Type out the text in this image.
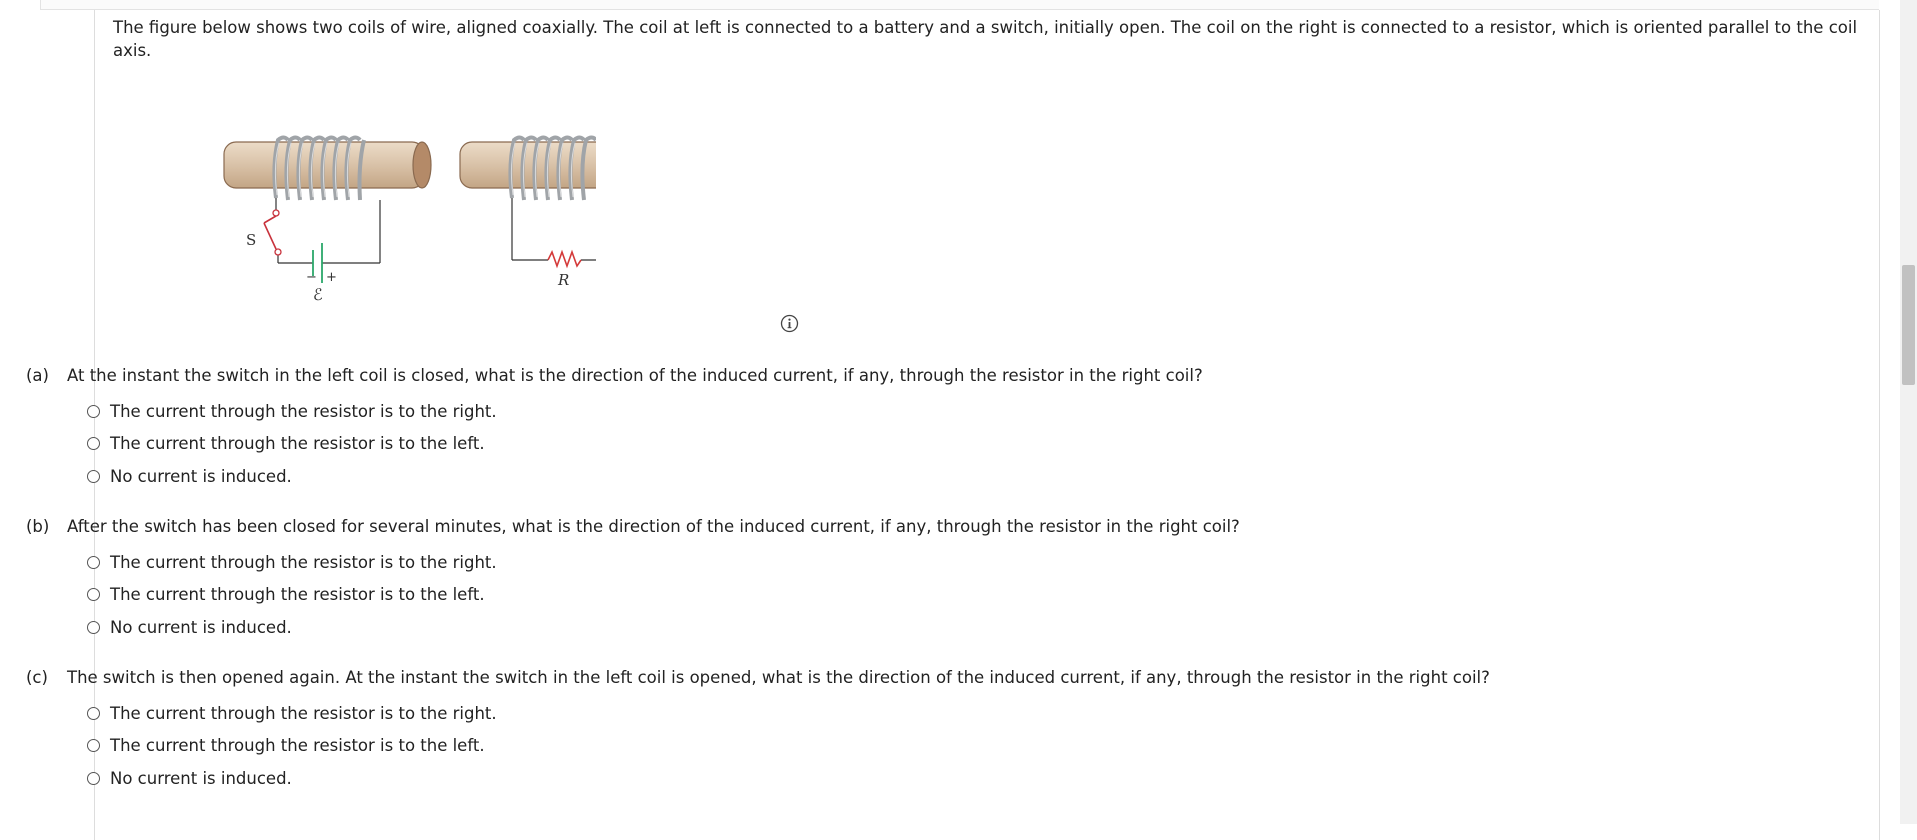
The figure below shows two coils of wire, aligned coaxially. The coil at left is connected to a battery and a switch, initially open. The coil on the right is connected to a resistor, which is oriented parallel to the coil axis.
S
− +
ℰ
R
(a) At the instant the switch in the left coil is closed, what is the direction of the induced current, if any, through the resistor in the right coil?
The current through the resistor is to the right.
The current through the resistor is to the left.
No current is induced.
(b) After the switch has been closed for several minutes, what is the direction of the induced current, if any, through the resistor in the right coil?
The current through the resistor is to the right.
The current through the resistor is to the left.
No current is induced.
(c) The switch is then opened again. At the instant the switch in the left coil is opened, what is the direction of the induced current, if any, through the resistor in the right coil?
The current through the resistor is to the right.
The current through the resistor is to the left.
No current is induced.
